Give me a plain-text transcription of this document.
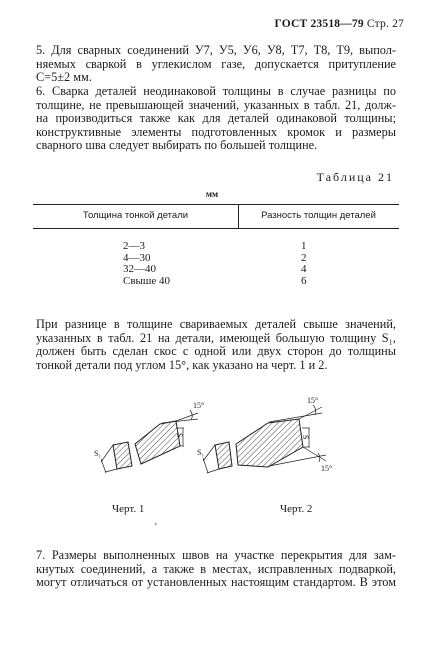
ГОСТ 23518—79 Стр. 27
5. Для сварных соединений У7, У5, У6, У8, Т7, Т8, Т9, выпол-
няемых сваркой в углекислом газе, допускается притупление
C=5±2 мм.
6. Сварка деталей неодинаковой толщины в случае разницы по
толщине, не превышающей значений, указанных в табл. 21, долж-
на производиться также как для деталей одинаковой толщины;
конструктивные элементы подготовленных кромок и размеры
сварного шва следует выбирать по большей толщине.
Таблица 21
мм
Толщина тонкой детали	Разность толщин деталей
2—3
4—30
32—40
Свыше 40
1
2
4
6
При разнице в толщине свариваемых деталей свыше значений,
указанных в табл. 21 на детали, имеющей большую толщину S₁,
должен быть сделан скос с одной или двух сторон до толщины
тонкой детали под углом 15°, как указано на черт. 1 и 2.
15°
S₁
S
15°
15°
S₁
S
Черт. 1	Черт. 2
'
7. Размеры выполненных швов на участке перекрытия для зам-
кнутых соединений, а также в местах, исправленных подваркой,
могут отличаться от установленных настоящим стандартом. В этом
